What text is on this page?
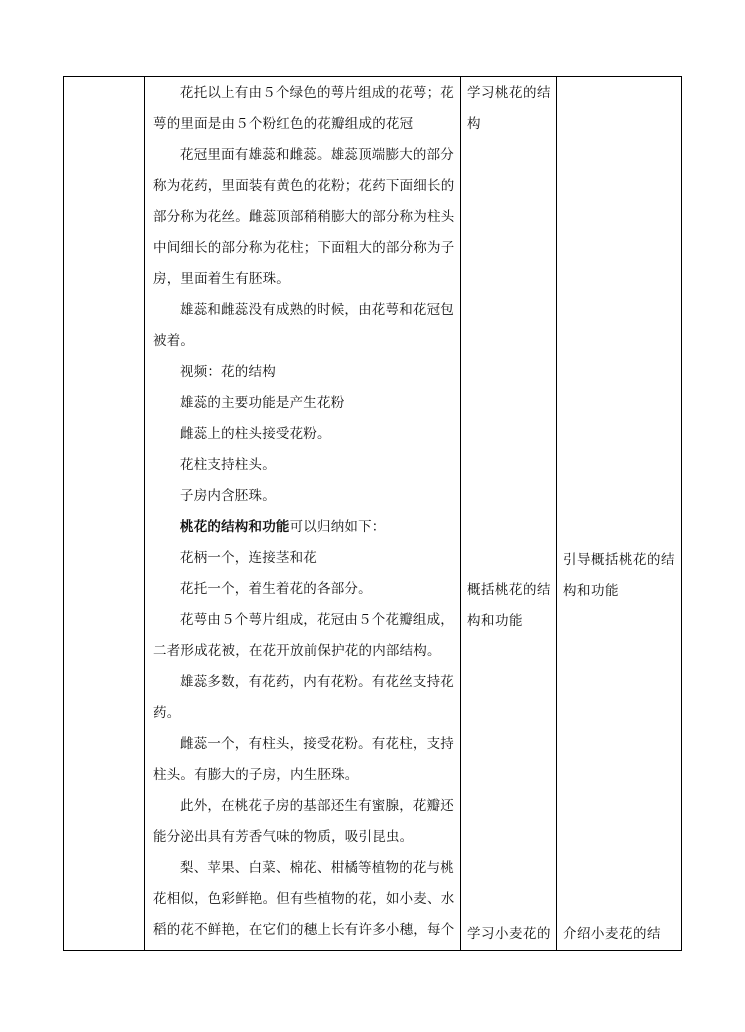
花托以上有由５个绿色的萼片组成的花萼；花萼的里面是由５个粉红色的花瓣组成的花冠

花冠里面有雄蕊和雌蕊。雄蕊顶端膨大的部分称为花药，里面装有黄色的花粉；花药下面细长的部分称为花丝。雌蕊顶部稍稍膨大的部分称为柱头中间细长的部分称为花柱；下面粗大的部分称为子房，里面着生有胚珠。

雄蕊和雌蕊没有成熟的时候，由花萼和花冠包被着。

视频：花的结构

雄蕊的主要功能是产生花粉

雌蕊上的柱头接受花粉。

花柱支持柱头。

子房内含胚珠。

桃花的结构和功能可以归纳如下：

花柄一个，连接茎和花

花托一个，着生着花的各部分。

花萼由５个萼片组成，花冠由５个花瓣组成，二者形成花被，在花开放前保护花的内部结构。

雄蕊多数，有花药，内有花粉。有花丝支持花药。

雌蕊一个，有柱头，接受花粉。有花柱，支持柱头。有膨大的子房，内生胚珠。

此外，在桃花子房的基部还生有蜜腺，花瓣还能分泌出具有芳香气味的物质，吸引昆虫。

梨、苹果、白菜、棉花、柑橘等植物的花与桃花相似，色彩鲜艳。但有些植物的花，如小麦、水稻的花不鲜艳，在它们的穗上长有许多小穗，每个

学习桃花的结构

概括桃花的结构和功能

学习小麦花的

引导概括桃花的结构和功能

介绍小麦花的结
